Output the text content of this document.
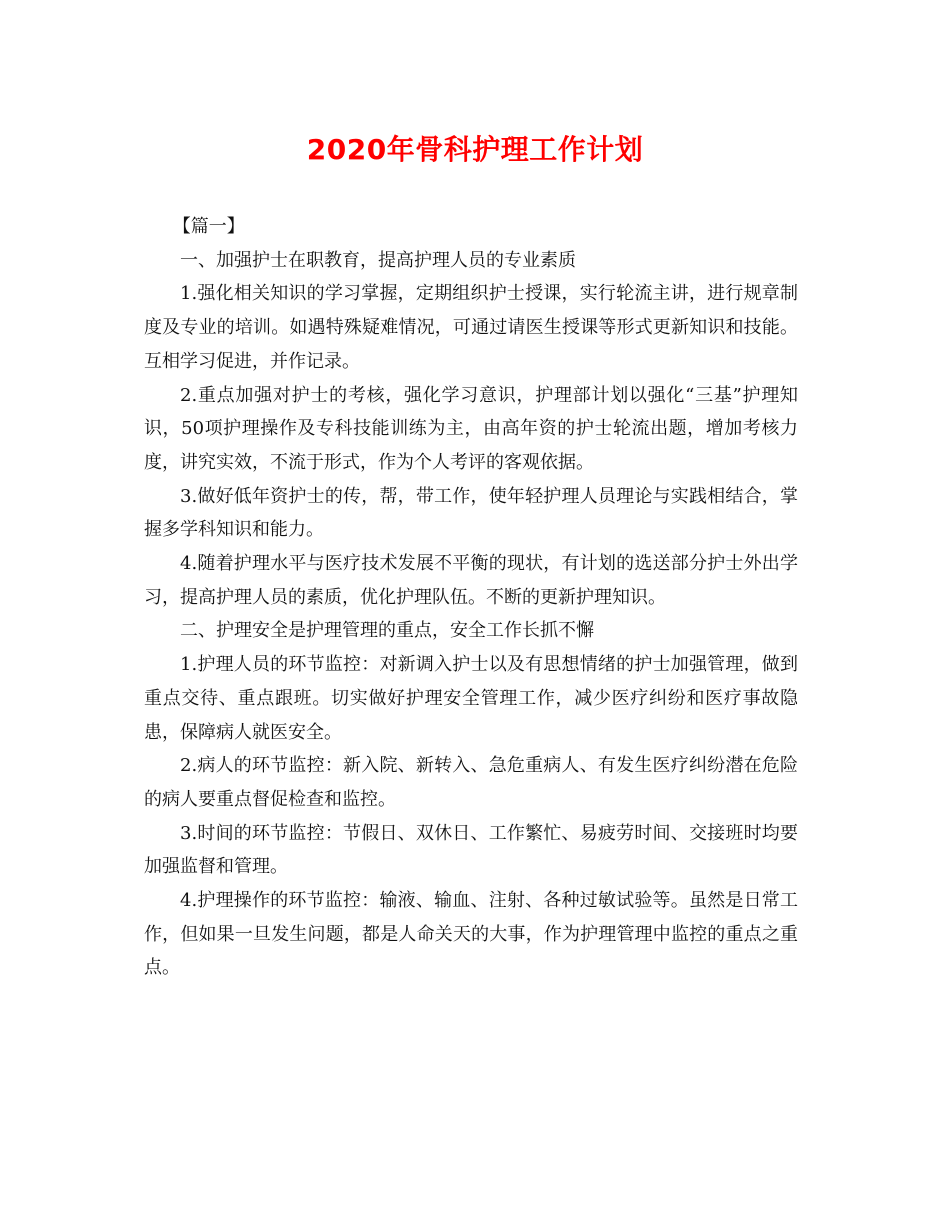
2020年骨科护理工作计划

【篇一】

一、加强护士在职教育，提高护理人员的专业素质

1.强化相关知识的学习掌握，定期组织护士授课，实行轮流主讲，进行规章制度及专业的培训。如遇特殊疑难情况，可通过请医生授课等形式更新知识和技能。互相学习促进，并作记录。

2.重点加强对护士的考核，强化学习意识，护理部计划以强化“三基”护理知识，50项护理操作及专科技能训练为主，由高年资的护士轮流出题，增加考核力度，讲究实效，不流于形式，作为个人考评的客观依据。

3.做好低年资护士的传，帮，带工作，使年轻护理人员理论与实践相结合，掌握多学科知识和能力。

4.随着护理水平与医疗技术发展不平衡的现状，有计划的选送部分护士外出学习，提高护理人员的素质，优化护理队伍。不断的更新护理知识。

二、护理安全是护理管理的重点，安全工作长抓不懈

1.护理人员的环节监控：对新调入护士以及有思想情绪的护士加强管理，做到重点交待、重点跟班。切实做好护理安全管理工作，减少医疗纠纷和医疗事故隐患，保障病人就医安全。

2.病人的环节监控：新入院、新转入、急危重病人、有发生医疗纠纷潜在危险的病人要重点督促检查和监控。

3.时间的环节监控：节假日、双休日、工作繁忙、易疲劳时间、交接班时均要加强监督和管理。

4.护理操作的环节监控：输液、输血、注射、各种过敏试验等。虽然是日常工作，但如果一旦发生问题，都是人命关天的大事，作为护理管理中监控的重点之重点。
